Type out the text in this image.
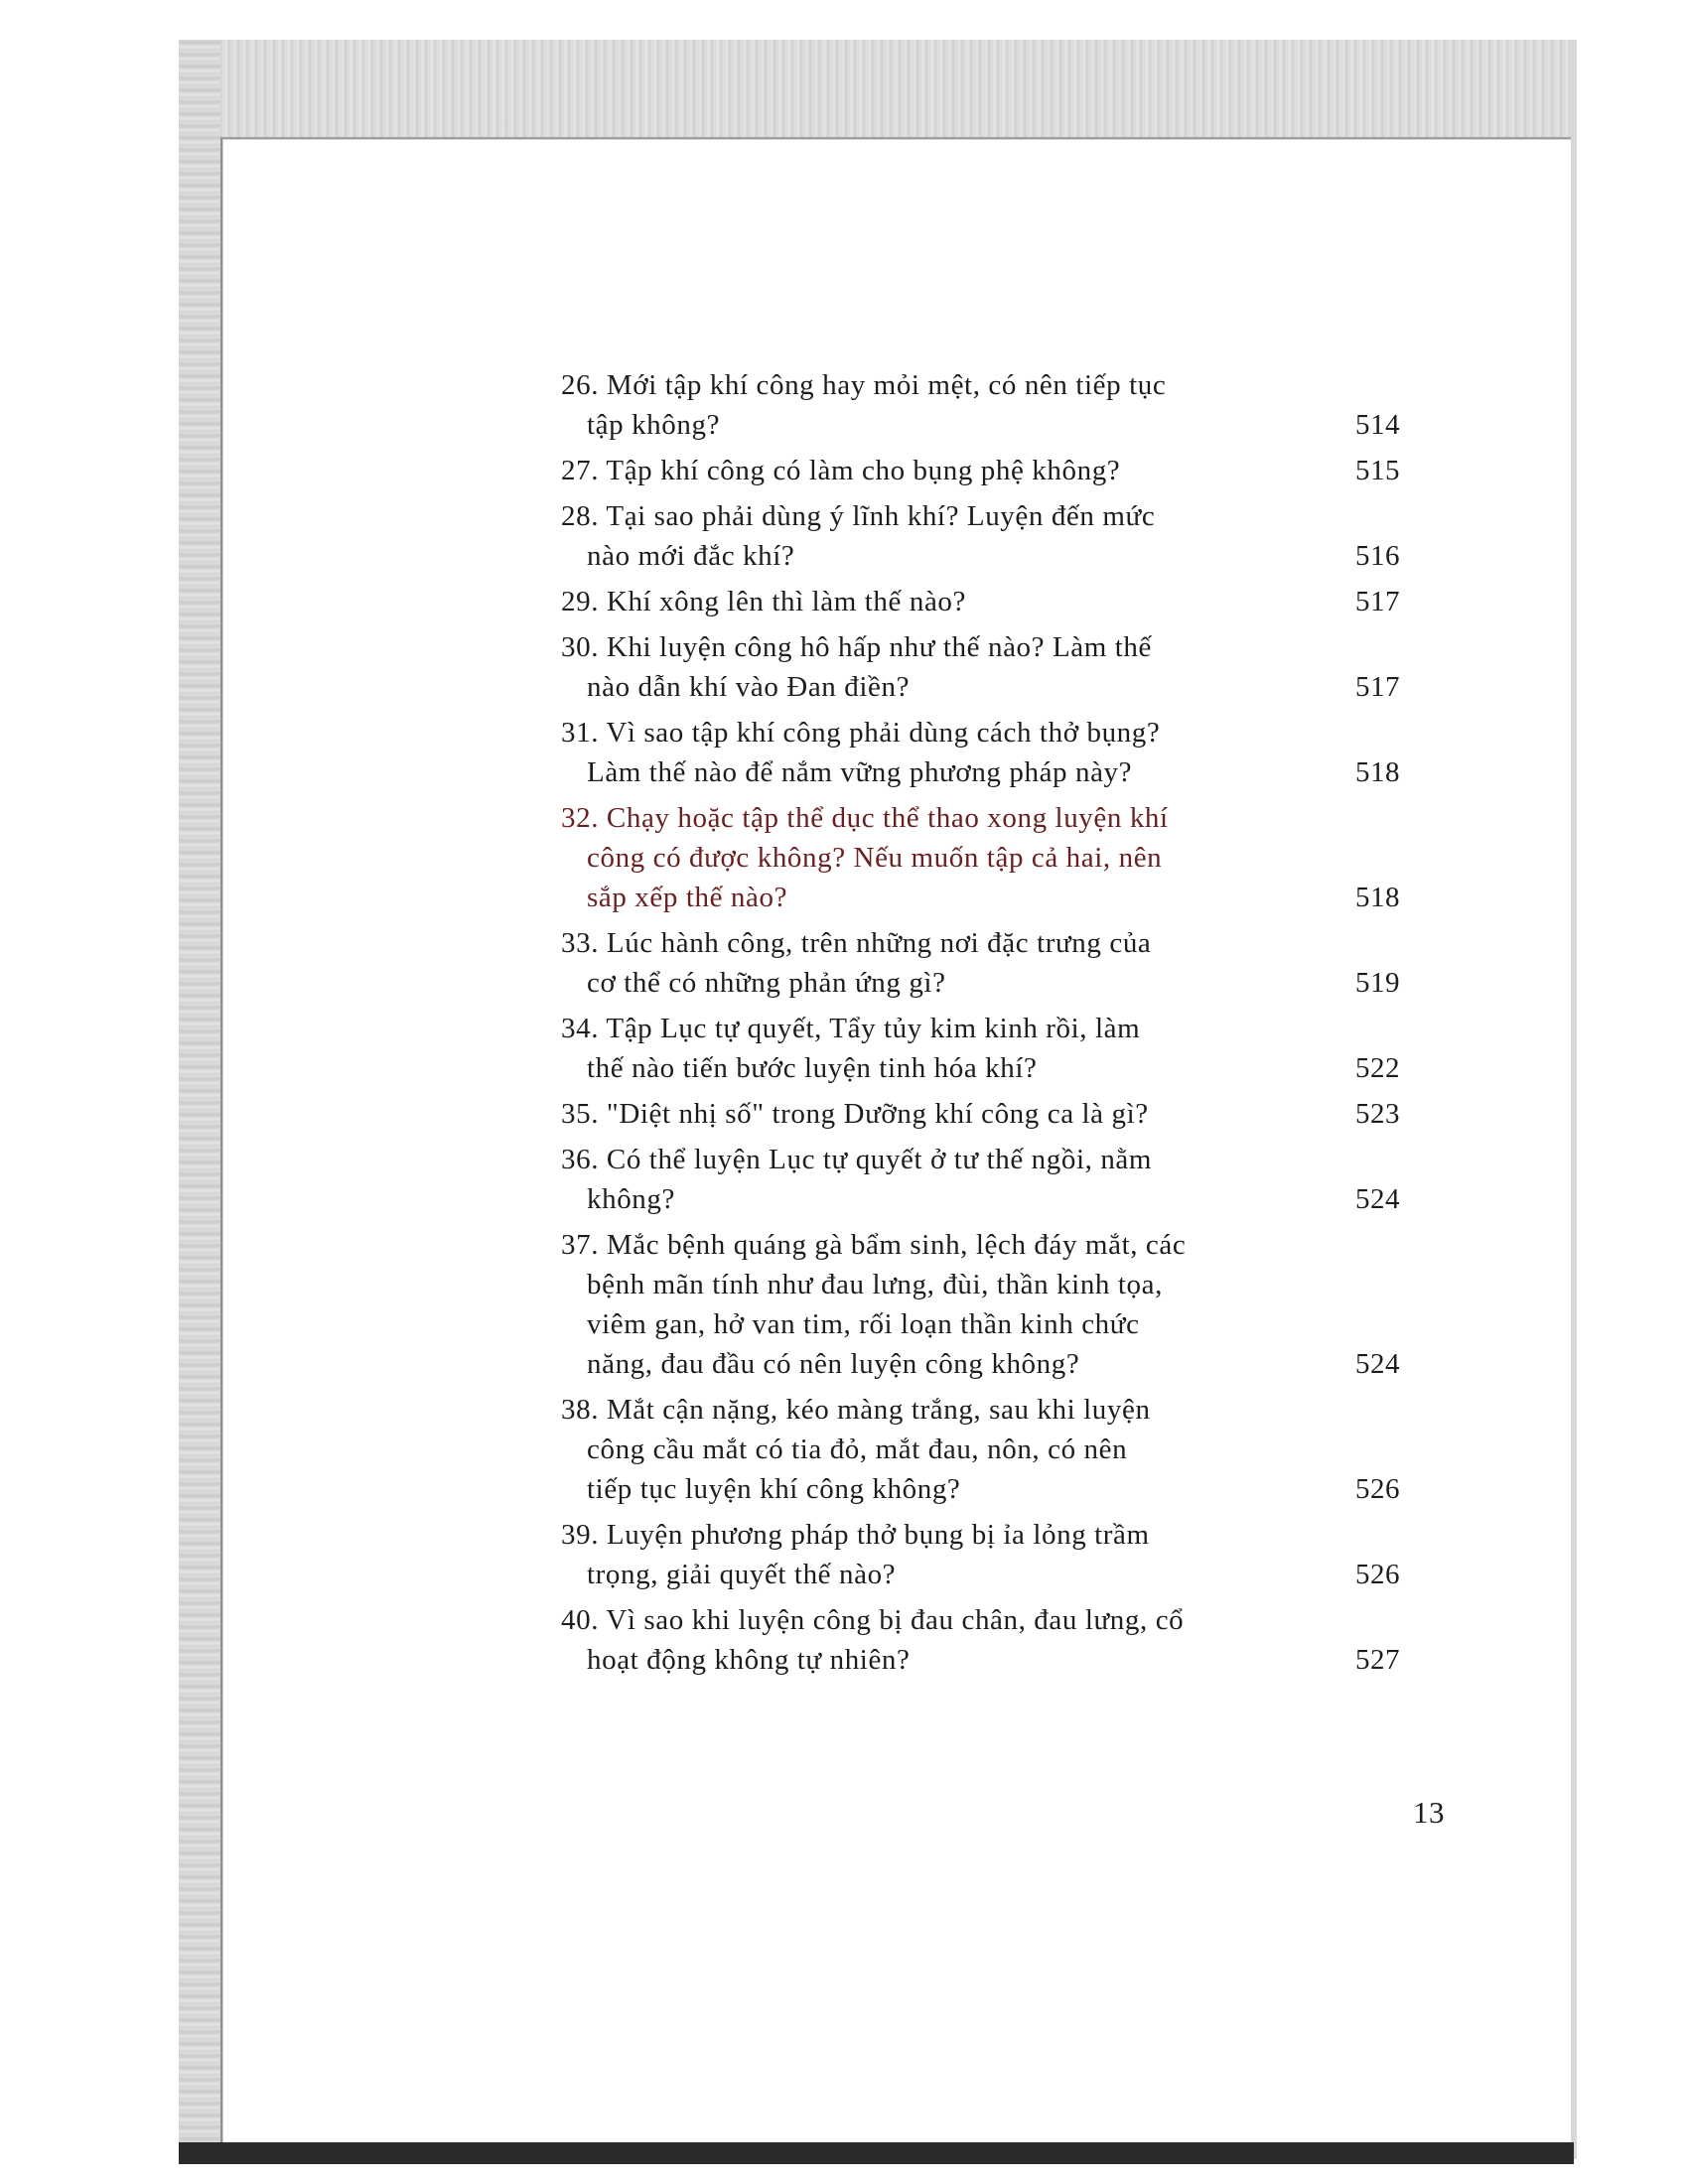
26. Mới tập khí công hay mỏi mệt, có nên tiếp tục
tập không?	514
27. Tập khí công có làm cho bụng phệ không?	515
28. Tại sao phải dùng ý lĩnh khí? Luyện đến mức
nào mới đắc khí?	516
29. Khí xông lên thì làm thế nào?	517
30. Khi luyện công hô hấp như thế nào? Làm thế
nào dẫn khí vào Đan điền?	517
31. Vì sao tập khí công phải dùng cách thở bụng?
Làm thế nào để nắm vững phương pháp này?	518
32. Chạy hoặc tập thể dục thể thao xong luyện khí
công có được không? Nếu muốn tập cả hai, nên
sắp xếp thế nào?	518
33. Lúc hành công, trên những nơi đặc trưng của
cơ thể có những phản ứng gì?	519
34. Tập Lục tự quyết, Tẩy tủy kim kinh rồi, làm
thế nào tiến bước luyện tinh hóa khí?	522
35. "Diệt nhị số" trong Dưỡng khí công ca là gì?	523
36. Có thể luyện Lục tự quyết ở tư thế ngồi, nằm
không?	524
37. Mắc bệnh quáng gà bẩm sinh, lệch đáy mắt, các
bệnh mãn tính như đau lưng, đùi, thần kinh tọa,
viêm gan, hở van tim, rối loạn thần kinh chức
năng, đau đầu có nên luyện công không?	524
38. Mắt cận nặng, kéo màng trắng, sau khi luyện
công cầu mắt có tia đỏ, mắt đau, nôn, có nên
tiếp tục luyện khí công không?	526
39. Luyện phương pháp thở bụng bị ỉa lỏng trầm
trọng, giải quyết thế nào?	526
40. Vì sao khi luyện công bị đau chân, đau lưng, cổ
hoạt động không tự nhiên?	527
13
